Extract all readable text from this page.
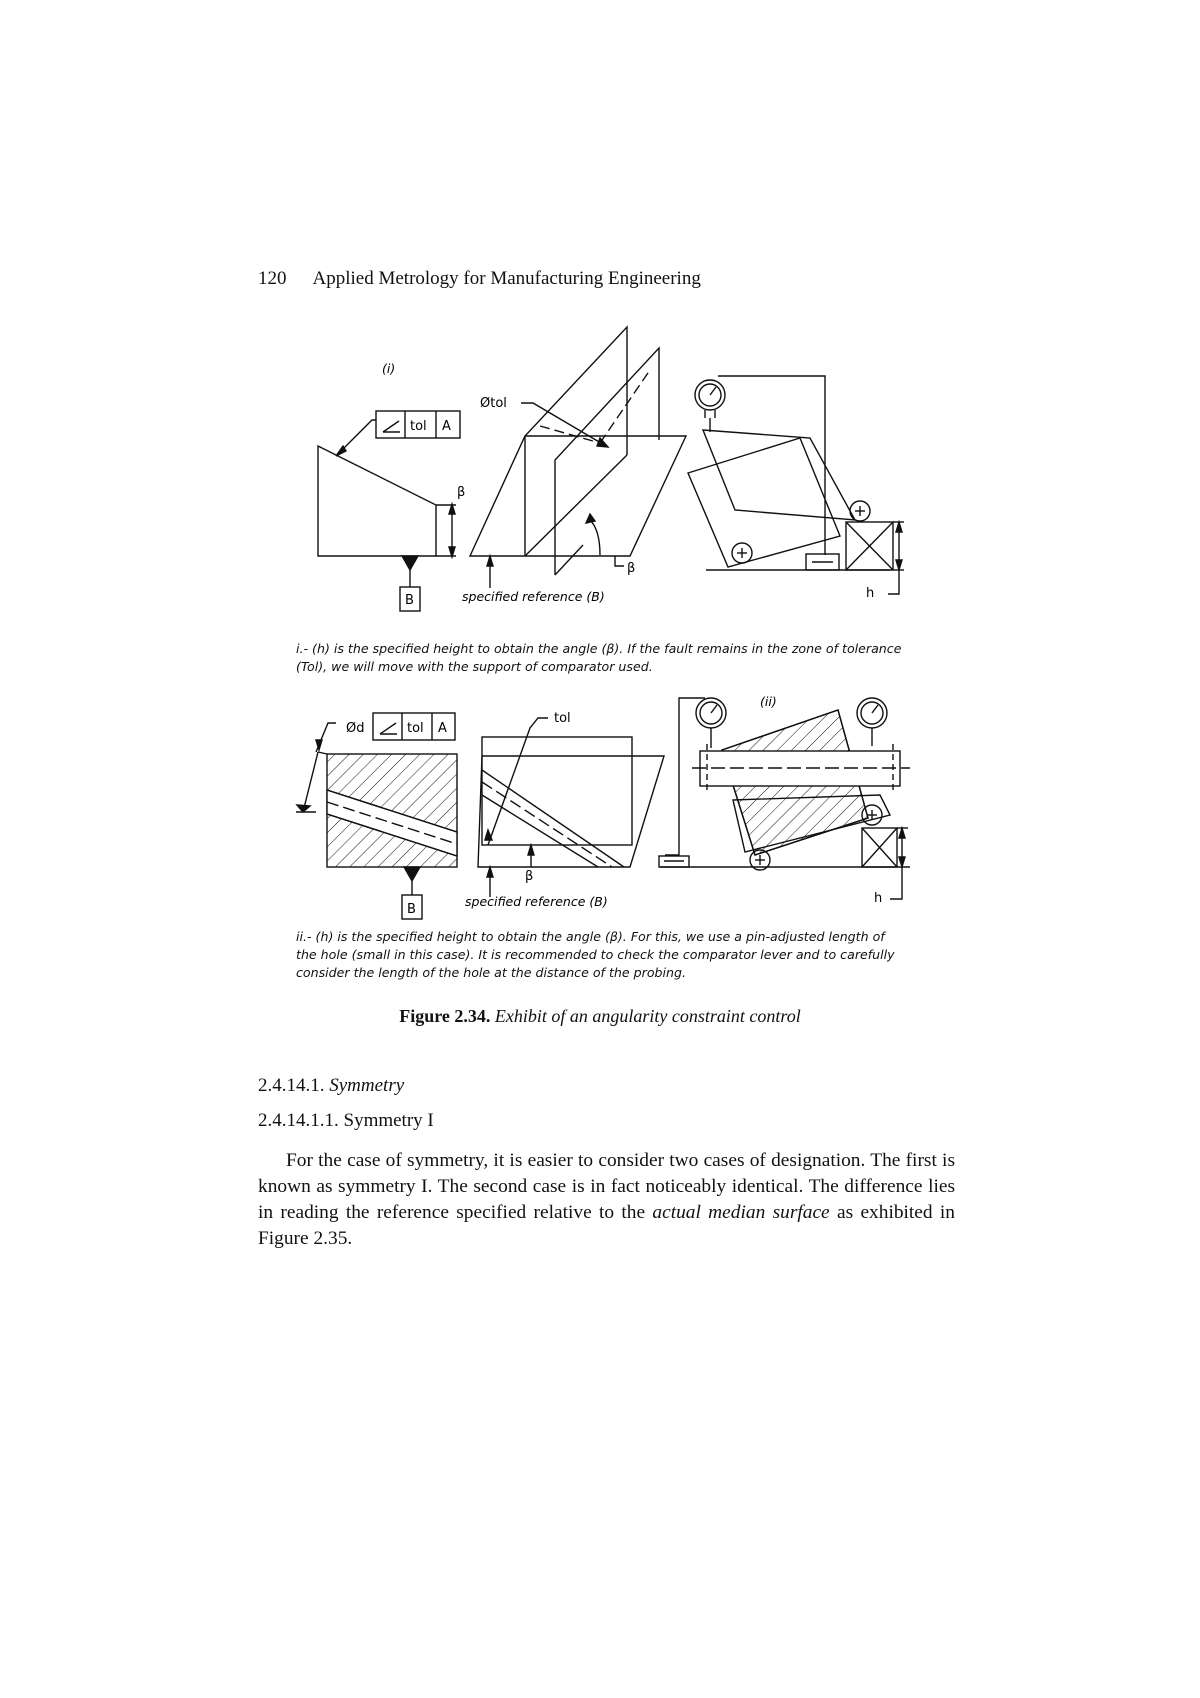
120 Applied Metrology for Manufacturing Engineering
(i)
tol A
β
B
Øtol
β
specified reference (B)	h
(ii)
Ød	tol A
tol
B
β
specified reference (B)	h
i.- (h) is the specified height to obtain the angle (β). If the fault remains in the zone of tolerance
(Tol), we will move with the support of comparator used.
ii.- (h) is the specified height to obtain the angle (β). For this, we use a pin-adjusted length of
the hole (small in this case). It is recommended to check the comparator lever and to carefully
consider the length of the hole at the distance of the probing.
Figure 2.34. Exhibit of an angularity constraint control
2.4.14.1. Symmetry
2.4.14.1.1. Symmetry I

For the case of symmetry, it is easier to consider two cases of designation. The first is known as symmetry I. The second case is in fact noticeably identical. The difference lies in reading the reference specified relative to the actual median surface as exhibited in Figure 2.35.
